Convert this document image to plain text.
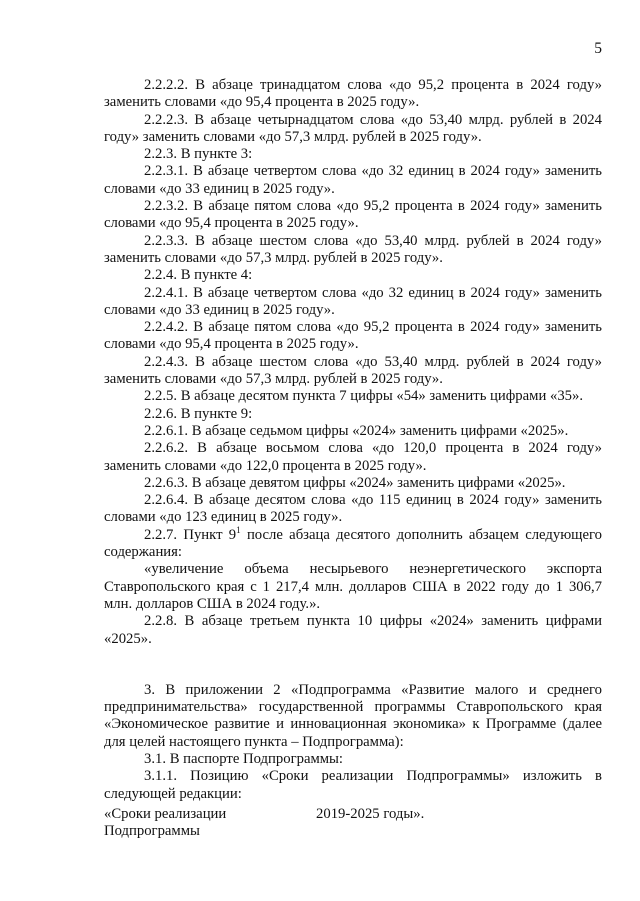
5

2.2.2.2. В абзаце тринадцатом слова «до 95,2 процента в 2024 году» заменить словами «до 95,4 процента в 2025 году».

2.2.2.3. В абзаце четырнадцатом слова «до 53,40 млрд. рублей в 2024 году» заменить словами «до 57,3 млрд. рублей в 2025 году».

2.2.3. В пункте 3:

2.2.3.1. В абзаце четвертом слова «до 32 единиц в 2024 году» заменить словами «до 33 единиц в 2025 году».

2.2.3.2. В абзаце пятом слова «до 95,2 процента в 2024 году» заменить словами «до 95,4 процента в 2025 году».

2.2.3.3. В абзаце шестом слова «до 53,40 млрд. рублей в 2024 году» заменить словами «до 57,3 млрд. рублей в 2025 году».

2.2.4. В пункте 4:

2.2.4.1. В абзаце четвертом слова «до 32 единиц в 2024 году» заменить словами «до 33 единиц в 2025 году».

2.2.4.2. В абзаце пятом слова «до 95,2 процента в 2024 году» заменить словами «до 95,4 процента в 2025 году».

2.2.4.3. В абзаце шестом слова «до 53,40 млрд. рублей в 2024 году» заменить словами «до 57,3 млрд. рублей в 2025 году».

2.2.5. В абзаце десятом пункта 7 цифры «54» заменить цифрами «35».

2.2.6. В пункте 9:

2.2.6.1. В абзаце седьмом цифры «2024» заменить цифрами «2025».

2.2.6.2. В абзаце восьмом слова «до 120,0 процента в 2024 году» заменить словами «до 122,0 процента в 2025 году».

2.2.6.3. В абзаце девятом цифры «2024» заменить цифрами «2025».

2.2.6.4. В абзаце десятом слова «до 115 единиц в 2024 году» заменить словами «до 123 единиц в 2025 году».

2.2.7. Пункт $9^1$ после абзаца десятого дополнить абзацем следующего содержания:

«увеличение объема несырьевого неэнергетического экспорта Ставропольского края с 1 217,4 млн. долларов США в 2022 году до 1 306,7 млн. долларов США в 2024 году.».

2.2.8. В абзаце третьем пункта 10 цифры «2024» заменить цифрами «2025».

3. В приложении 2 «Подпрограмма «Развитие малого и среднего предпринимательства» государственной программы Ставропольского края «Экономическое развитие и инновационная экономика» к Программе (далее для целей настоящего пункта – Подпрограмма):

3.1. В паспорте Подпрограммы:

3.1.1. Позицию «Сроки реализации Подпрограммы» изложить в следующей редакции:

«Сроки реализации
Подпрограммы
2019-2025 годы».
